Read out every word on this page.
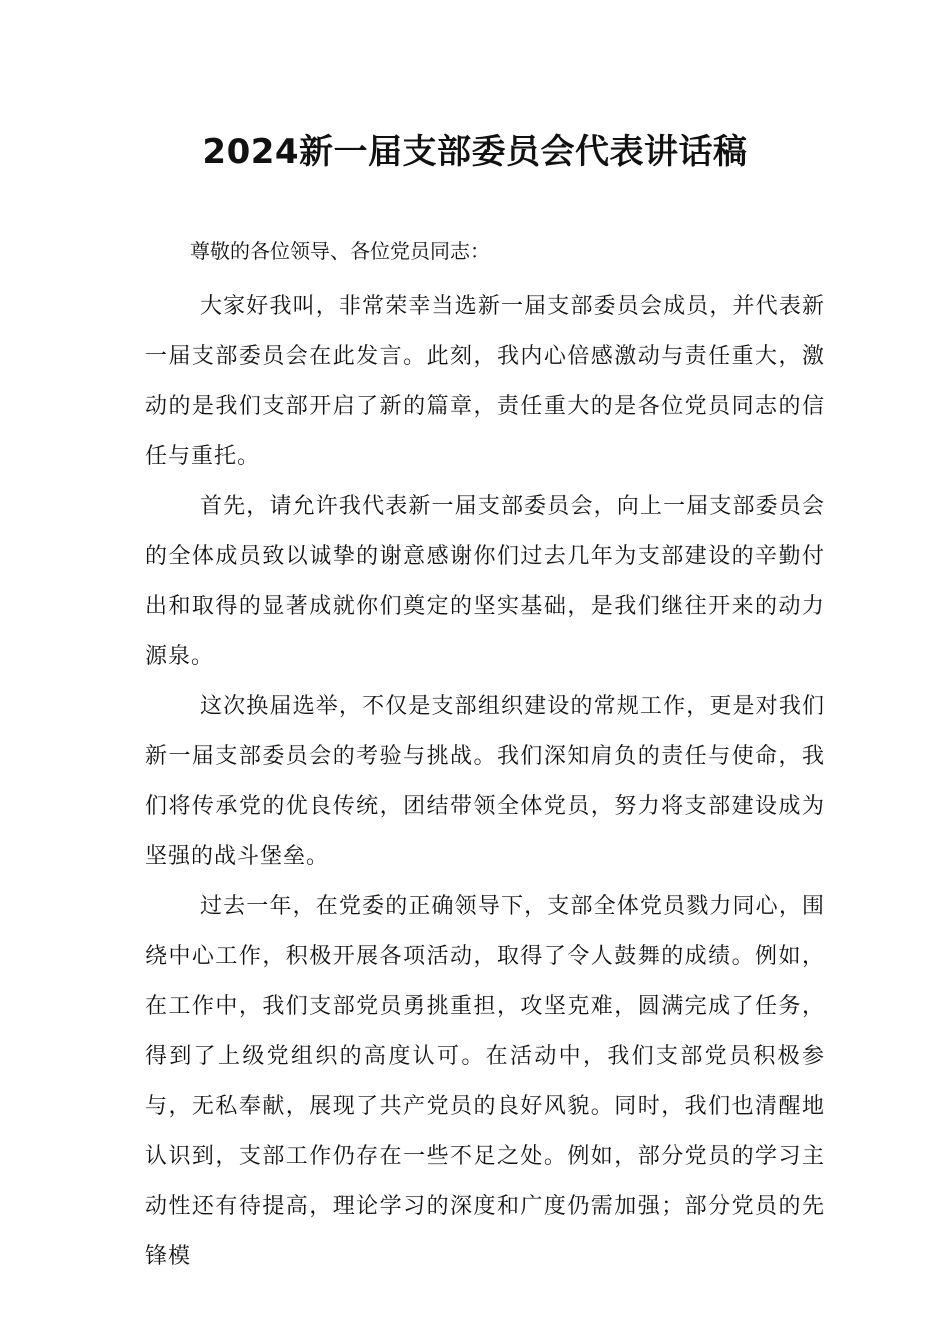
2024新一届支部委员会代表讲话稿

尊敬的各位领导、各位党员同志：

大家好我叫，非常荣幸当选新一届支部委员会成员，并代表新一届支部委员会在此发言。此刻，我内心倍感激动与责任重大，激动的是我们支部开启了新的篇章，责任重大的是各位党员同志的信任与重托。

首先，请允许我代表新一届支部委员会，向上一届支部委员会的全体成员致以诚挚的谢意感谢你们过去几年为支部建设的辛勤付出和取得的显著成就你们奠定的坚实基础，是我们继往开来的动力源泉。

这次换届选举，不仅是支部组织建设的常规工作，更是对我们新一届支部委员会的考验与挑战。我们深知肩负的责任与使命，我们将传承党的优良传统，团结带领全体党员，努力将支部建设成为坚强的战斗堡垒。

过去一年，在党委的正确领导下，支部全体党员戮力同心，围绕中心工作，积极开展各项活动，取得了令人鼓舞的成绩。例如，在工作中，我们支部党员勇挑重担，攻坚克难，圆满完成了任务，得到了上级党组织的高度认可。在活动中，我们支部党员积极参与，无私奉献，展现了共产党员的良好风貌。同时，我们也清醒地认识到，支部工作仍存在一些不足之处。例如，部分党员的学习主动性还有待提高，理论学习的深度和广度仍需加强；部分党员的先锋模
